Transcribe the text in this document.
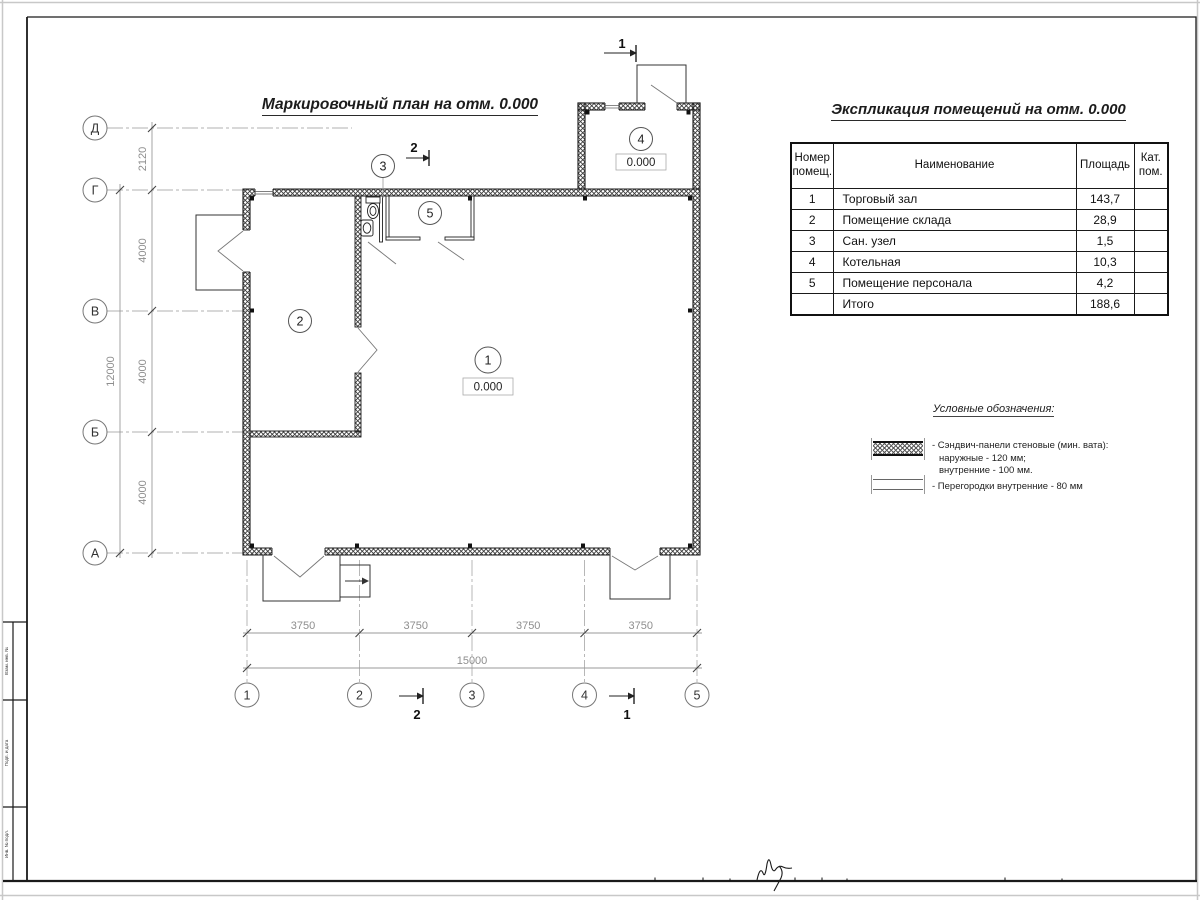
Взам. инв. №
Подп. и дата
Инв. № подл.
2120
4000
4000
4000
12000
3750	3750	3750	3750
15000
Д
Г
В
Б
А
1	2	3	4	5
1
2
3
4
5
0.000
0.000
1
2
2	1
Маркировочный план на отм. 0.000	Экспликация помещений на отм. 0.000
Номер помещ.	Наименование	Площадь	Кат. пом.
1	Торговый зал	143,7	
2	Помещение склада	28,9	
3	Сан. узел	1,5	
4	Котельная	10,3	
5	Помещение персонала	4,2	
	Итого	188,6	
Условные обозначения:
- Сэндвич-панели стеновые (мин. вата):
наружные - 120 мм;
внутренние - 100 мм.
- Перегородки внутренние - 80 мм
